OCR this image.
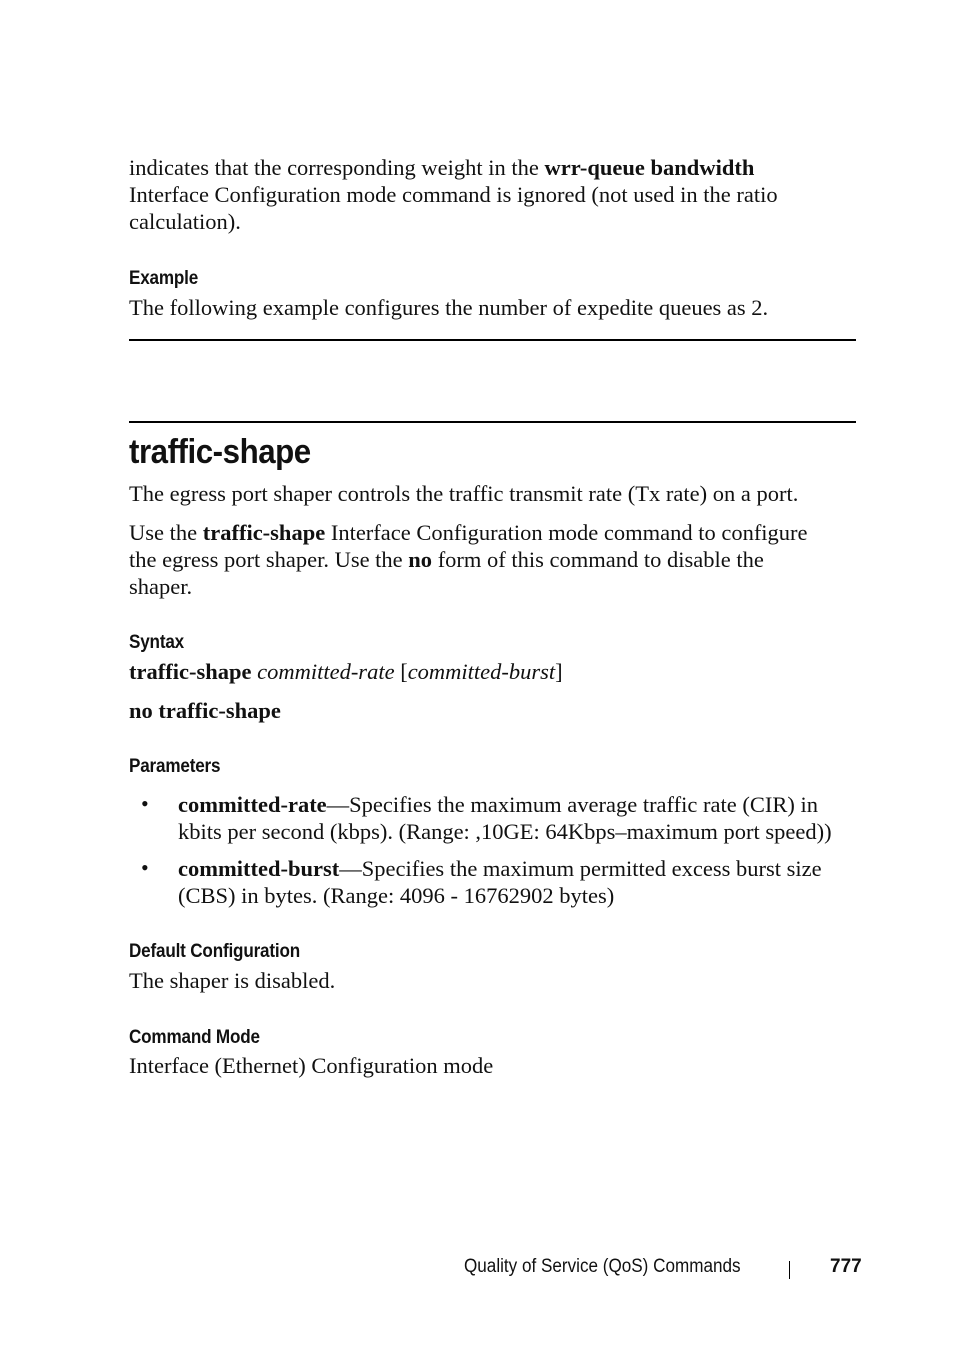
indicates that the corresponding weight in the wrr-queue bandwidth
Interface Configuration mode command is ignored (not used in the ratio
calculation).

Example

The following example configures the number of expedite queues as 2.

traffic-shape

The egress port shaper controls the traffic transmit rate (Tx rate) on a port.

Use the traffic-shape Interface Configuration mode command to configure
the egress port shaper. Use the no form of this command to disable the
shaper.

Syntax

traffic-shape committed-rate [committed-burst]

no traffic-shape

Parameters
• committed-rate—Specifies the maximum average traffic rate (CIR) in
kbits per second (kbps). (Range: ,10GE: 64Kbps–maximum port speed))
• committed-burst—Specifies the maximum permitted excess burst size
(CBS) in bytes. (Range: 4096 - 16762902 bytes)
Default Configuration

The shaper is disabled.

Command Mode

Interface (Ethernet) Configuration mode

Quality of Service (QoS) Commands	777
